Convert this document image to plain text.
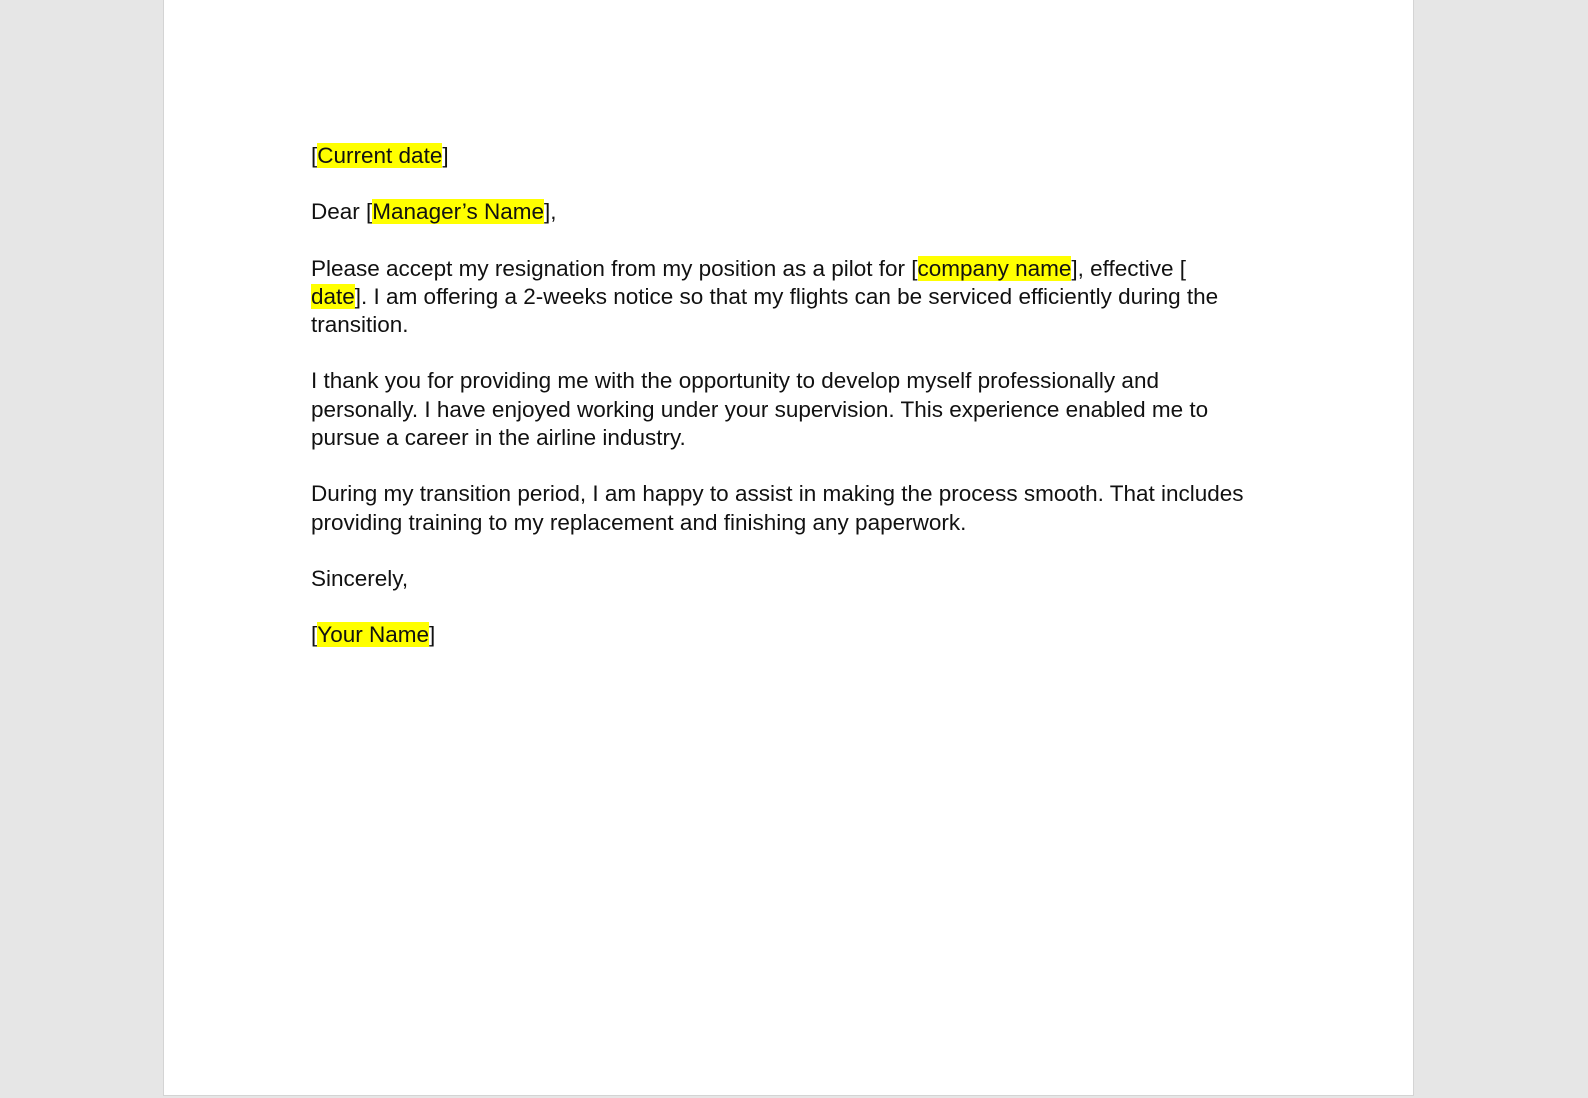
[Current date]

Dear [Manager’s Name],

Please accept my resignation from my position as a pilot for [company name], effective [
date]. I am offering a 2-weeks notice so that my flights can be serviced efficiently during the transition.

I thank you for providing me with the opportunity to develop myself professionally and personally. I have enjoyed working under your supervision. This experience enabled me to pursue a career in the airline industry.

During my transition period, I am happy to assist in making the process smooth. That includes providing training to my replacement and finishing any paperwork.

Sincerely,

[Your Name]
